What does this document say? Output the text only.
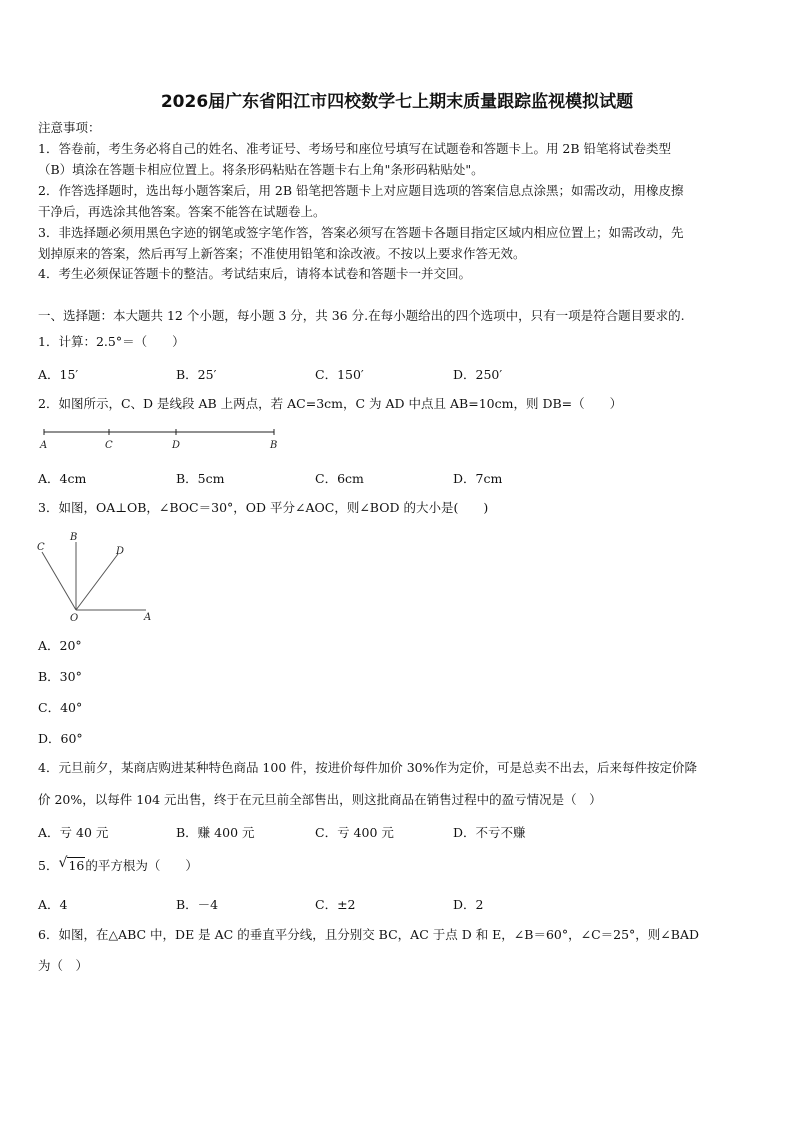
2026届广东省阳江市四校数学七上期末质量跟踪监视模拟试题
注意事项：
1．答卷前，考生务必将自己的姓名、准考证号、考场号和座位号填写在试题卷和答题卡上。用 2B 铅笔将试卷类型
（B）填涂在答题卡相应位置上。将条形码粘贴在答题卡右上角"条形码粘贴处"。
2．作答选择题时，选出每小题答案后，用 2B 铅笔把答题卡上对应题目选项的答案信息点涂黑；如需改动，用橡皮擦
干净后，再选涂其他答案。答案不能答在试题卷上。
3．非选择题必须用黑色字迹的钢笔或签字笔作答，答案必须写在答题卡各题目指定区域内相应位置上；如需改动，先
划掉原来的答案，然后再写上新答案；不准使用铅笔和涂改液。不按以上要求作答无效。
4．考生必须保证答题卡的整洁。考试结束后，请将本试卷和答题卡一并交回。
一、选择题：本大题共 12 个小题，每小题 3 分，共 36 分.在每小题给出的四个选项中，只有一项是符合题目要求的.
1．计算：2.5°＝（　　）
A．15′	B．25′	C．150′	D．250′
2．如图所示，C、D 是线段 AB 上两点，若 AC=3cm，C 为 AD 中点且 AB=10cm，则 DB=（　　）
A	C	D	B
A．4cm	B．5cm	C．6cm	D．7cm
3．如图，OA⊥OB，∠BOC＝30°，OD 平分∠AOC，则∠BOD 的大小是(　　)
C
B
D
O	A
A．20°
B．30°
C．40°
D．60°
4．元旦前夕，某商店购进某种特色商品 100 件，按进价每件加价 30%作为定价，可是总卖不出去，后来每件按定价降
价 20%，以每件 104 元出售，终于在元旦前全部售出，则这批商品在销售过程中的盈亏情况是（　）
A．亏 40 元	B．赚 400 元	C．亏 400 元	D．不亏不赚
5． √ 16的平方根为（　　）
A．4	B．－4	C．±2	D．2
6．如图，在△ABC 中，DE 是 AC 的垂直平分线，且分别交 BC，AC 于点 D 和 E，∠B＝60°，∠C＝25°，则∠BAD
为（　）
